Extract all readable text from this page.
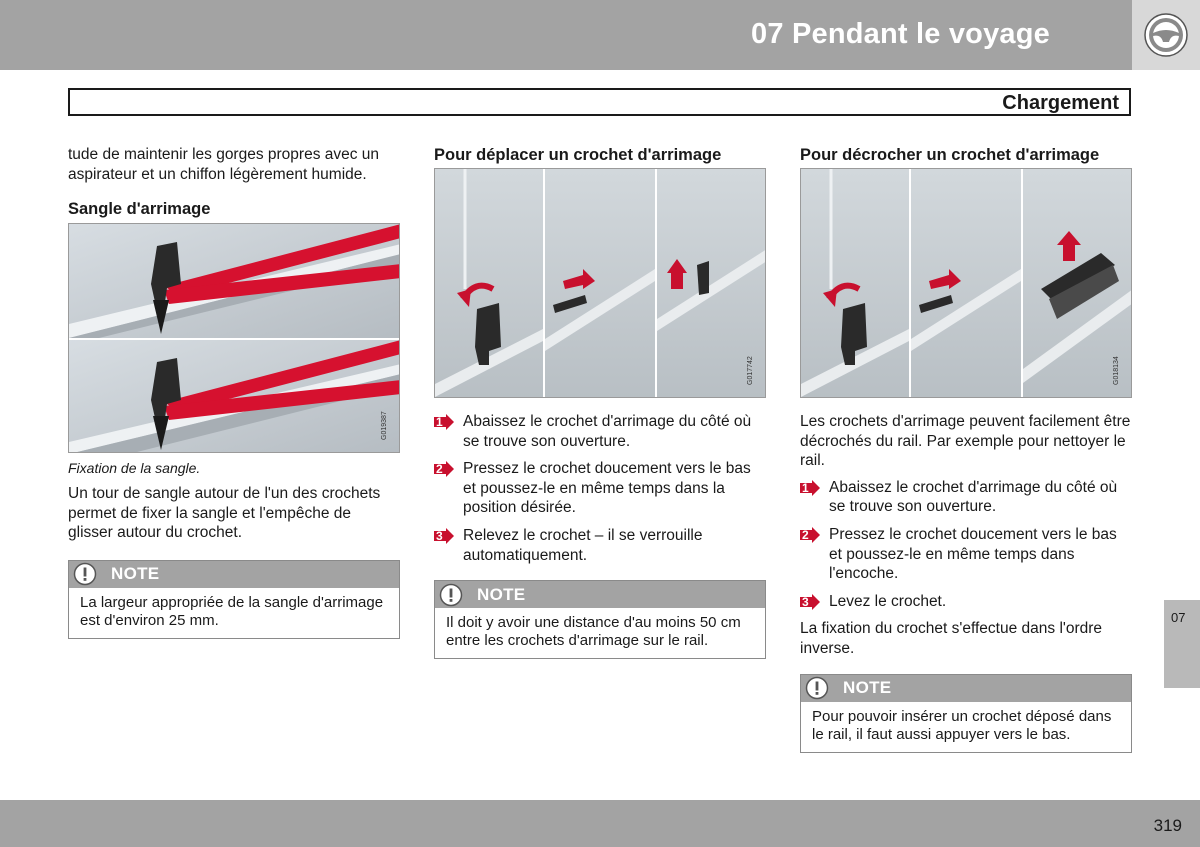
07 Pendant le voyage
Chargement

tude de maintenir les gorges propres avec un aspirateur et un chiffon légèrement humide.

Sangle d'arrimage
G019387

Fixation de la sangle.

Un tour de sangle autour de l'un des crochets permet de fixer la sangle et l'empêche de glisser autour du crochet.

NOTE
La largeur appropriée de la sangle d'arrimage est d'environ 25 mm.
Pour déplacer un crochet d'arrimage
G017742
1 Abaissez le crochet d'arrimage du côté où se trouve son ouverture.
2 Pressez le crochet doucement vers le bas et poussez-le en même temps dans la position désirée.
3 Relevez le crochet – il se verrouille automatiquement.
NOTE
Il doit y avoir une distance d'au moins 50 cm entre les crochets d'arrimage sur le rail.
Pour décrocher un crochet d'arrimage
G018134

Les crochets d'arrimage peuvent facilement être décrochés du rail. Par exemple pour nettoyer le rail.

1 Abaissez le crochet d'arrimage du côté où se trouve son ouverture.
2 Pressez le crochet doucement vers le bas et poussez-le en même temps dans l'encoche.
3 Levez le crochet.

La fixation du crochet s'effectue dans l'ordre inverse.

NOTE
Pour pouvoir insérer un crochet déposé dans le rail, il faut aussi appuyer vers le bas.
07
319
